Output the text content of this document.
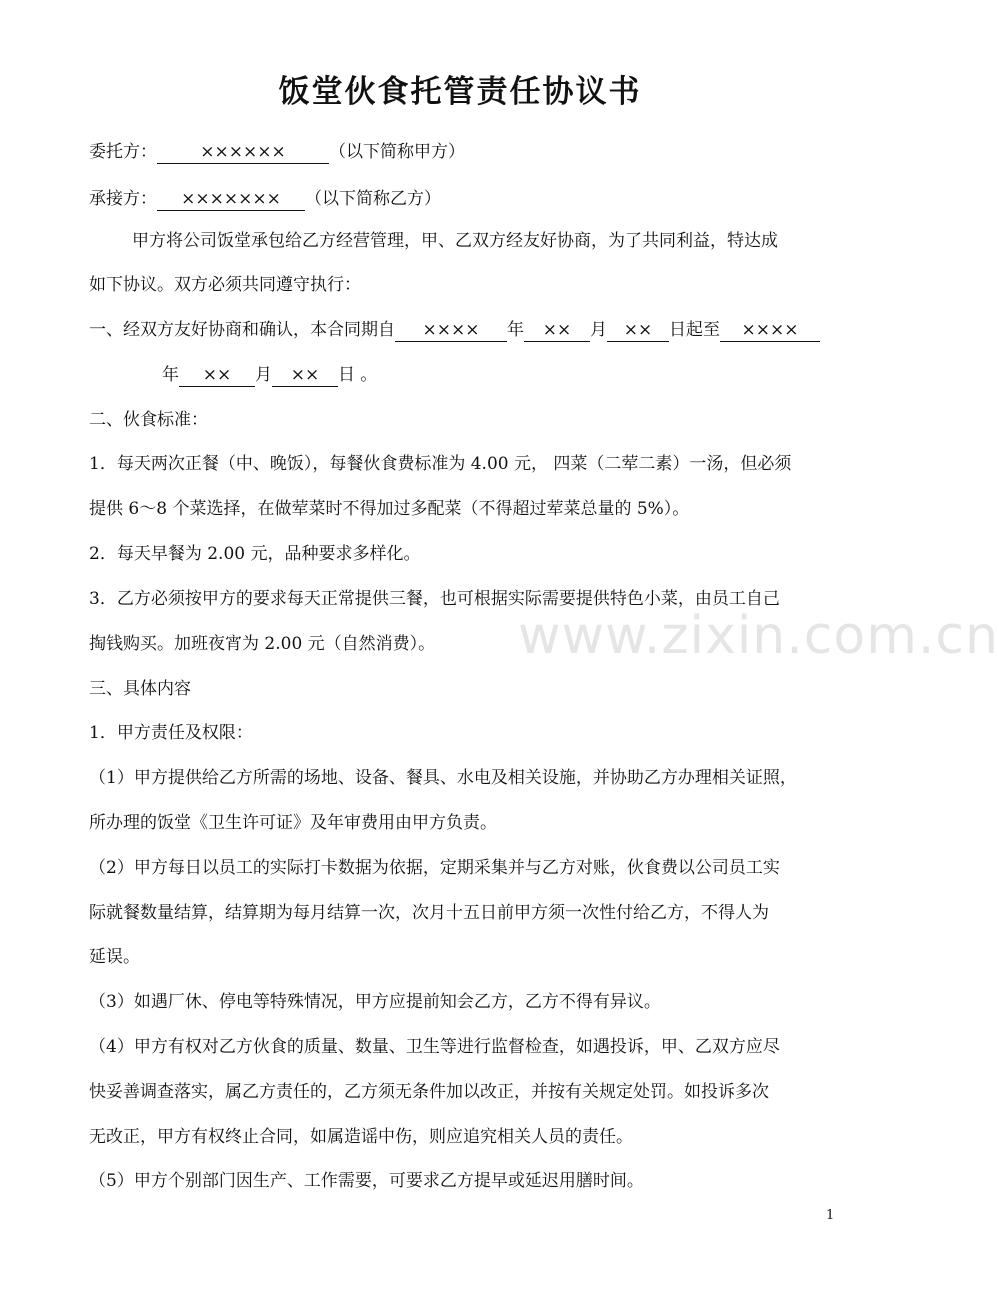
饭堂伙食托管责任协议书
委托方：	××××××	（以下简称甲方）
承接方： ××××××× （以下简称乙方）
甲方将公司饭堂承包给乙方经营管理，甲、乙双方经友好协商，为了共同利益，特达成
如下协议。双方必须共同遵守执行：
一、经双方友好协商和确认，本合同期自 ×××× 年 ×× 月 ×× 日起至 ××××
年 ×× 月 ×× 日 。
二、伙食标准：
1．每天两次正餐（中、晚饭），每餐伙食费标准为 4.00 元， 四菜（二荤二素）一汤，但必须
提供 6～8 个菜选择，在做荤菜时不得加过多配菜（不得超过荤菜总量的 5%）。
2．每天早餐为 2.00 元，品种要求多样化。
3．乙方必须按甲方的要求每天正常提供三餐，也可根据实际需要提供特色小菜，由员工自己
掏钱购买。加班夜宵为 2.00 元（自然消费）。
三、具体内容
1．甲方责任及权限：
（1）甲方提供给乙方所需的场地、设备、餐具、水电及相关设施，并协助乙方办理相关证照，
所办理的饭堂《卫生许可证》及年审费用由甲方负责。
（2）甲方每日以员工的实际打卡数据为依据，定期采集并与乙方对账，伙食费以公司员工实
际就餐数量结算，结算期为每月结算一次，次月十五日前甲方须一次性付给乙方，不得人为
延误。
（3）如遇厂休、停电等特殊情况，甲方应提前知会乙方，乙方不得有异议。
（4）甲方有权对乙方伙食的质量、数量、卫生等进行监督检查，如遇投诉，甲、乙双方应尽
快妥善调查落实，属乙方责任的，乙方须无条件加以改正，并按有关规定处罚。如投诉多次
无改正，甲方有权终止合同，如属造谣中伤，则应追究相关人员的责任。
（5）甲方个别部门因生产、工作需要，可要求乙方提早或延迟用膳时间。
www.zixin.com.cn
1
